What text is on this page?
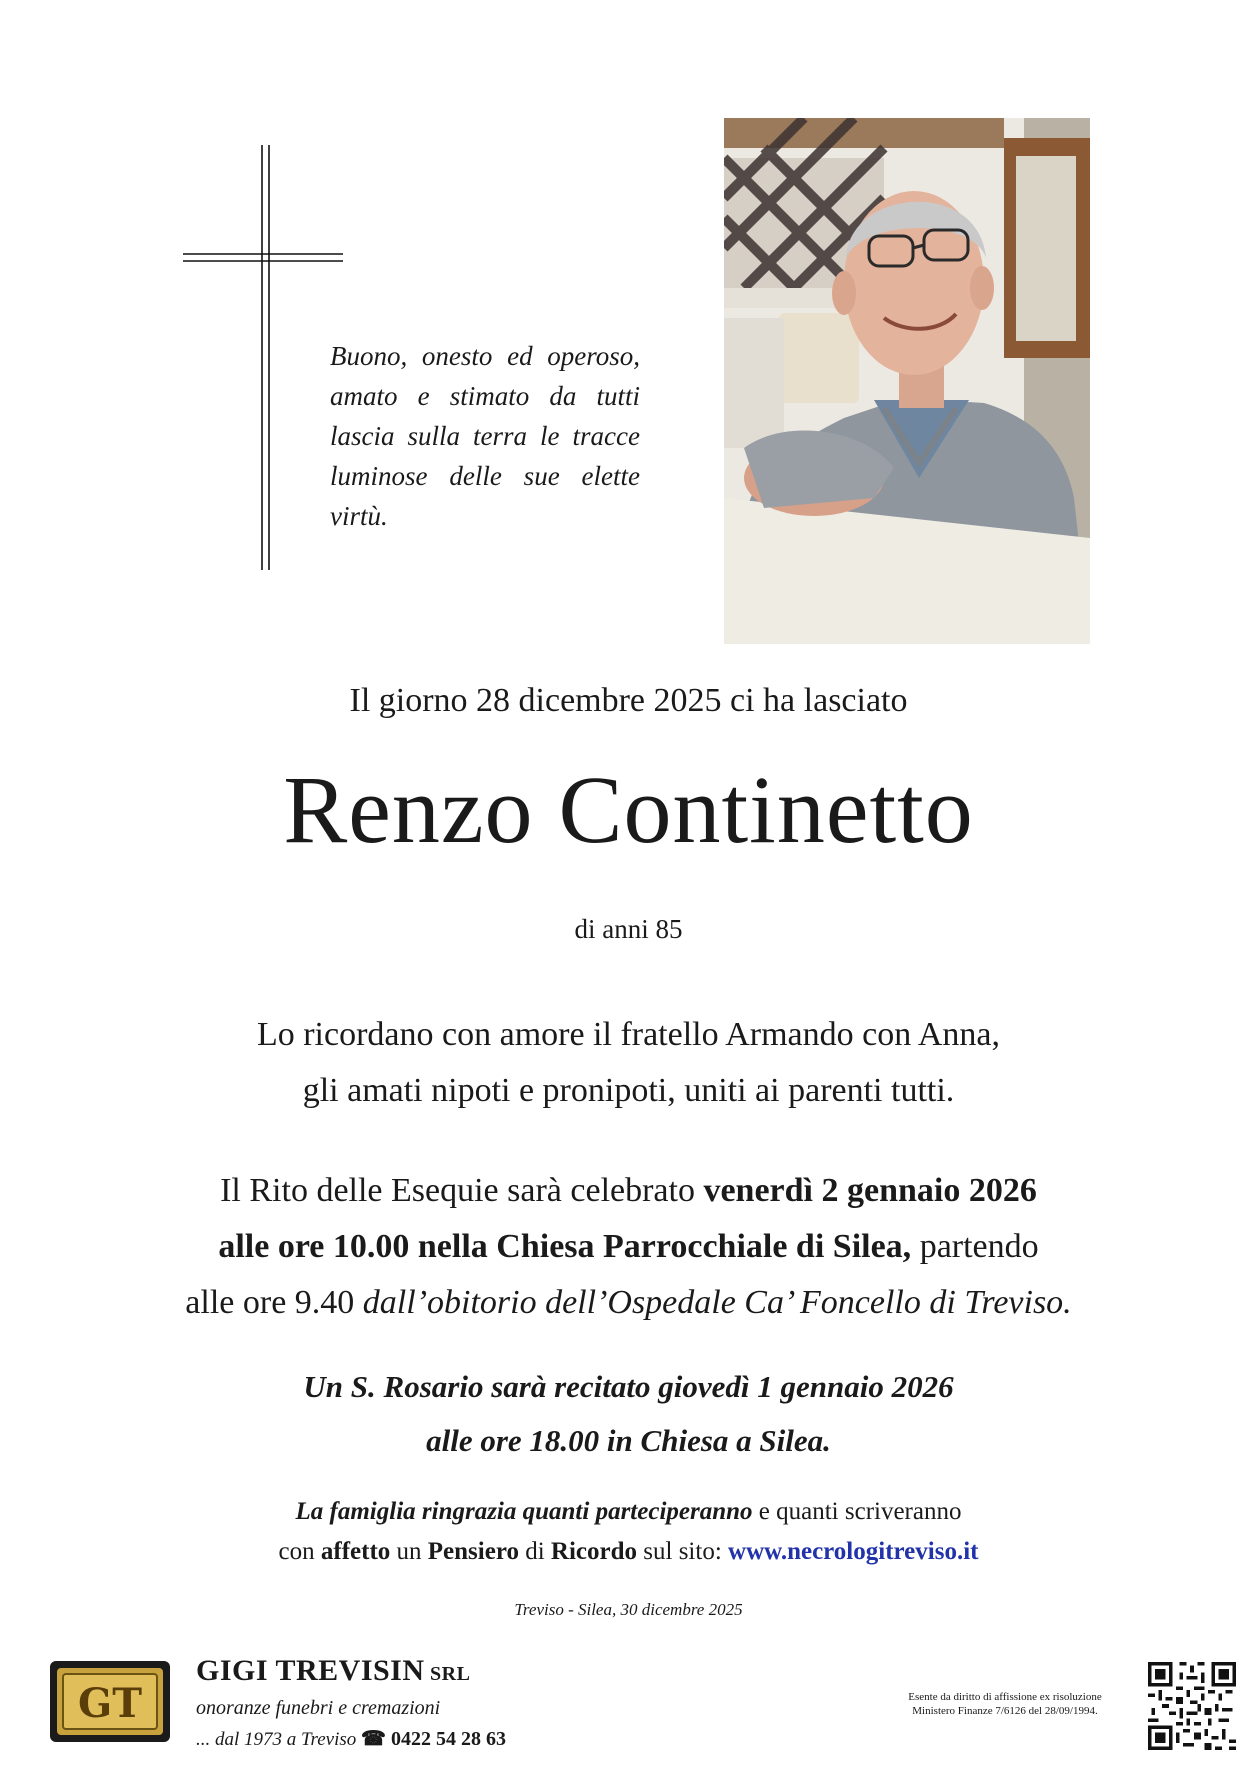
Buono, onesto ed operoso,
amato e stimato da tutti
lascia sulla terra le tracce
luminose delle sue elette
virtù.
Il giorno 28 dicembre 2025 ci ha lasciato
Renzo Continetto
di anni 85
Lo ricordano con amore il fratello Armando con Anna,
gli amati nipoti e pronipoti, uniti ai parenti tutti.
Il Rito delle Esequie sarà celebrato venerdì 2 gennaio 2026
alle ore 10.00 nella Chiesa Parrocchiale di Silea, partendo
alle ore 9.40 dall’obitorio dell’Ospedale Ca’ Foncello di Treviso.
Un S. Rosario sarà recitato giovedì 1 gennaio 2026
alle ore 18.00 in Chiesa a Silea.
La famiglia ringrazia quanti parteciperanno e quanti scriveranno
con affetto un Pensiero di Ricordo sul sito: www.necrologitreviso.it
Treviso - Silea, 30 dicembre 2025
GT
GIGI TREVISIN SRL
onoranze funebri e cremazioni
... dal 1973 a Treviso ☎ 0422 54 28 63
Esente da diritto di affissione ex risoluzione
Ministero Finanze 7/6126 del 28/09/1994.
